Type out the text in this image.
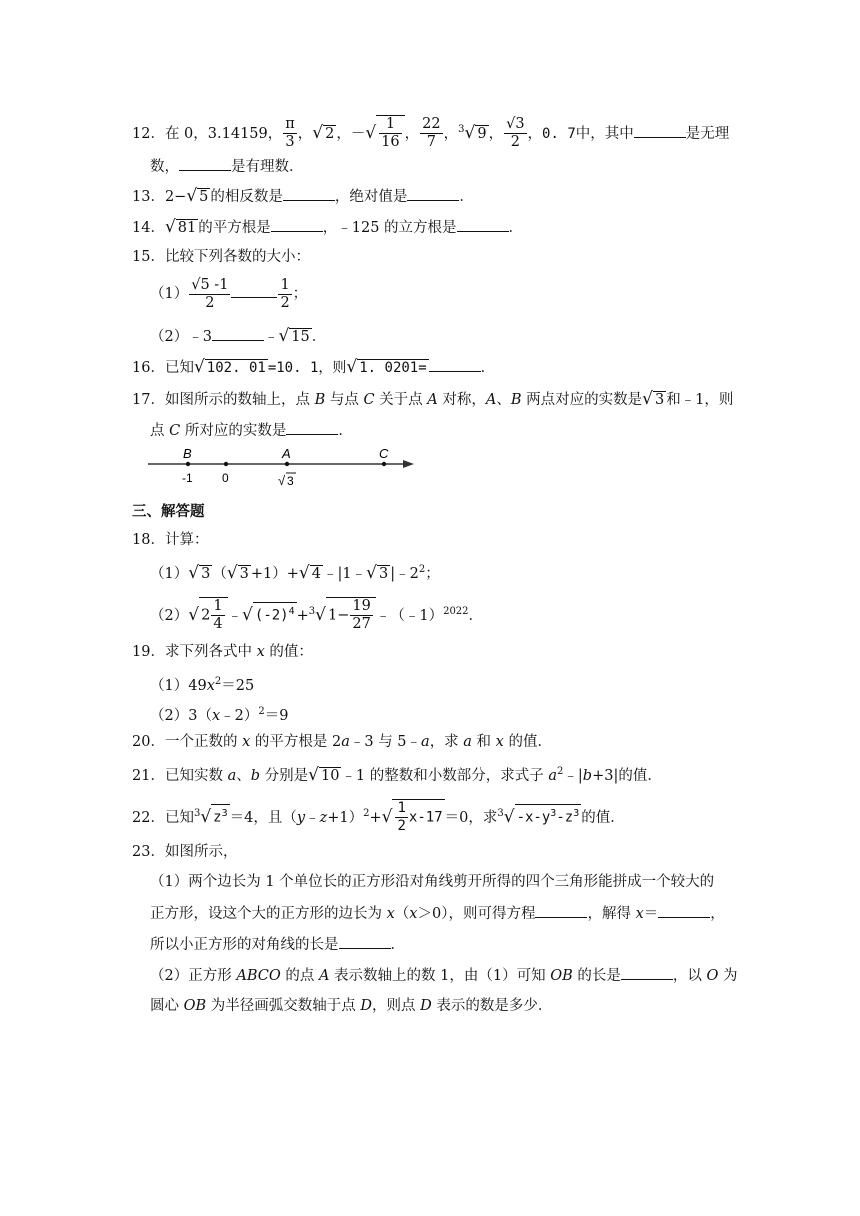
12．在 0，3.14159， $\frac{\pi}{3}$ ，√ 2 ，－√ $\frac{1}{16}$ ， $\frac{22}{7}$ ，$^3$√ 9 ， $\frac{√3}{2}$ ，0. 7中，其中	是无理
数，	是有理数．
13．2−√ 5 的相反数是	，绝对值是	．
14．√ 81 的平方根是	，﹣125 的立方根是	．
15．比较下列各数的大小：
$(1) \frac{√5 -1}{2}$	$\frac{1}{2}$ ；
（2）﹣3	﹣√ 15 ．
16．已知√ 102. 01 =10. 1，则√ 1. 0201=	．
17．如图所示的数轴上，点 B 与点 C 关于点 A 对称，A、B 两点对应的实数是√ 3 和﹣1，则
点 C 所对应的实数是	．
B	A	C
-1 0	√ 3
三、解答题
18．计算：
（1）√ 3 （√ 3 +1）+√ 4 ﹣|1﹣√ 3 $|﹣2^2$；
（2）√ $2 \frac{1}{4}$ ﹣√ $(-2)^4 +^3√$ $1- \frac{19}{27}$ ﹣（﹣1）$^{2022}$．
19．求下列各式中 x 的值：
$(1)49x^2=25$
（2）3（x﹣2）$^2$＝9
20．一个正数的 x 的平方根是 2a﹣3 与 5﹣a，求 a 和 x 的值．
21．已知实数 a、b 分别是√ 10 ﹣1 的整数和小数部分，求式子 $a^2﹣|b+3|$的值．
22．已知$^3$√ $z^3 =4$，且（y﹣z+1）$^2$+√ $\frac{1}{2} x-17 =0$，求$^3$√ $-x-y^3-z^3$ 的值．
23．如图所示，
（1）两个边长为 1 个单位长的正方形沿对角线剪开所得的四个三角形能拼成一个较大的
正方形，设这个大的正方形的边长为 x（x＞0），则可得方程	，解得 x＝	，
所以小正方形的对角线的长是	．
（2）正方形 ABCO 的点 A 表示数轴上的数 1，由（1）可知 OB 的长是	，以 O 为
圆心 OB 为半径画弧交数轴于点 D，则点 D 表示的数是多少．
